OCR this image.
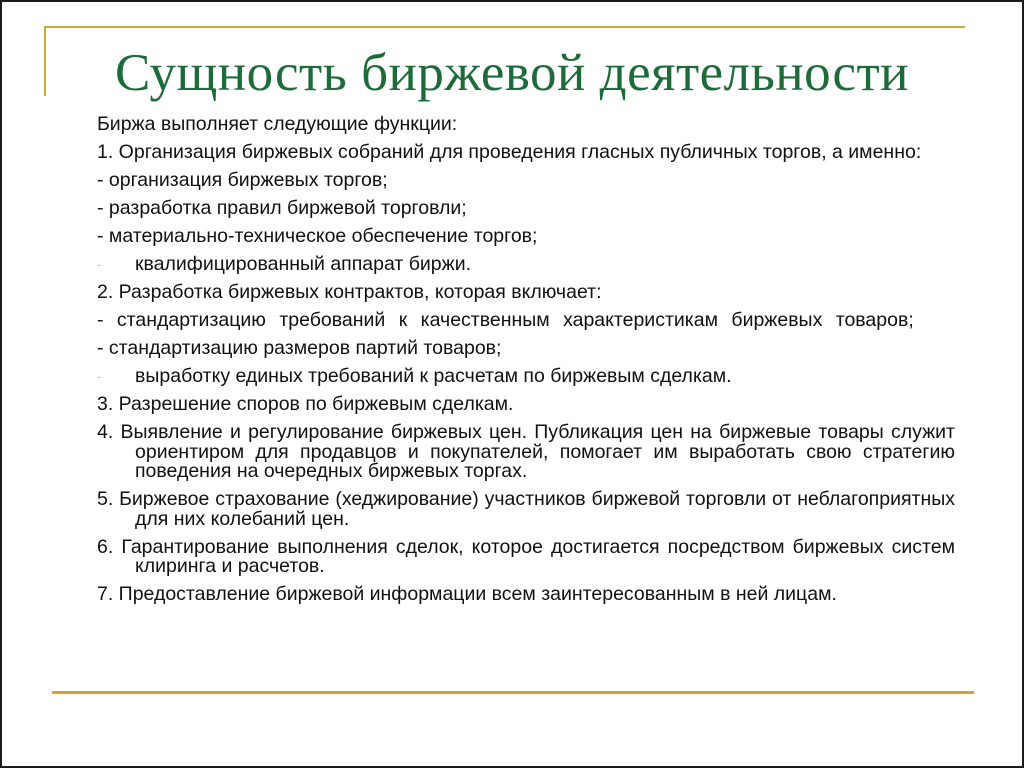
Сущность биржевой деятельности

Биржа выполняет следующие функции:

1. Организация биржевых собраний для проведения гласных публичных торгов, а именно:

- организация биржевых торгов;

- разработка правил биржевой торговли;

- материально-техническое обеспечение торгов;

- квалифицированный аппарат биржи.

2. Разработка биржевых контрактов, которая включает:

- стандартизацию требований к качественным характеристикам биржевых товаров;

- стандартизацию размеров партий товаров;

- выработку единых требований к расчетам по биржевым сделкам.

3. Разрешение споров по биржевым сделкам.

4. Выявление и регулирование биржевых цен. Публикация цен на биржевые товары служит ориентиром для продавцов и покупателей, помогает им выработать свою стратегию поведения на очередных биржевых торгах.

5. Биржевое страхование (хеджирование) участников биржевой торговли от неблагоприятных для них колебаний цен.

6. Гарантирование выполнения сделок, которое достигается посредством биржевых систем клиринга и расчетов.

7. Предоставление биржевой информации всем заинтересованным в ней лицам.
